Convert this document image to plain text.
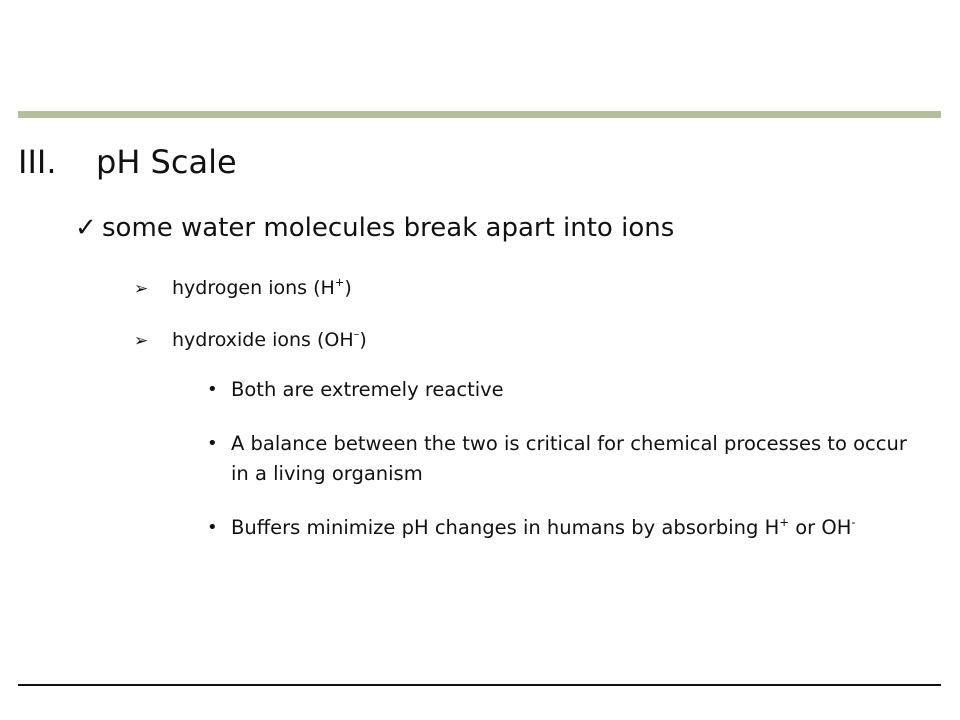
III. pH Scale
✓ some water molecules break apart into ions
➢ hydrogen ions (H+)
➢ hydroxide ions (OH–)
• Both are extremely reactive
• A balance between the two is critical for chemical processes to occur in a living organism
• Buffers minimize pH changes in humans by absorbing H+ or OH-
